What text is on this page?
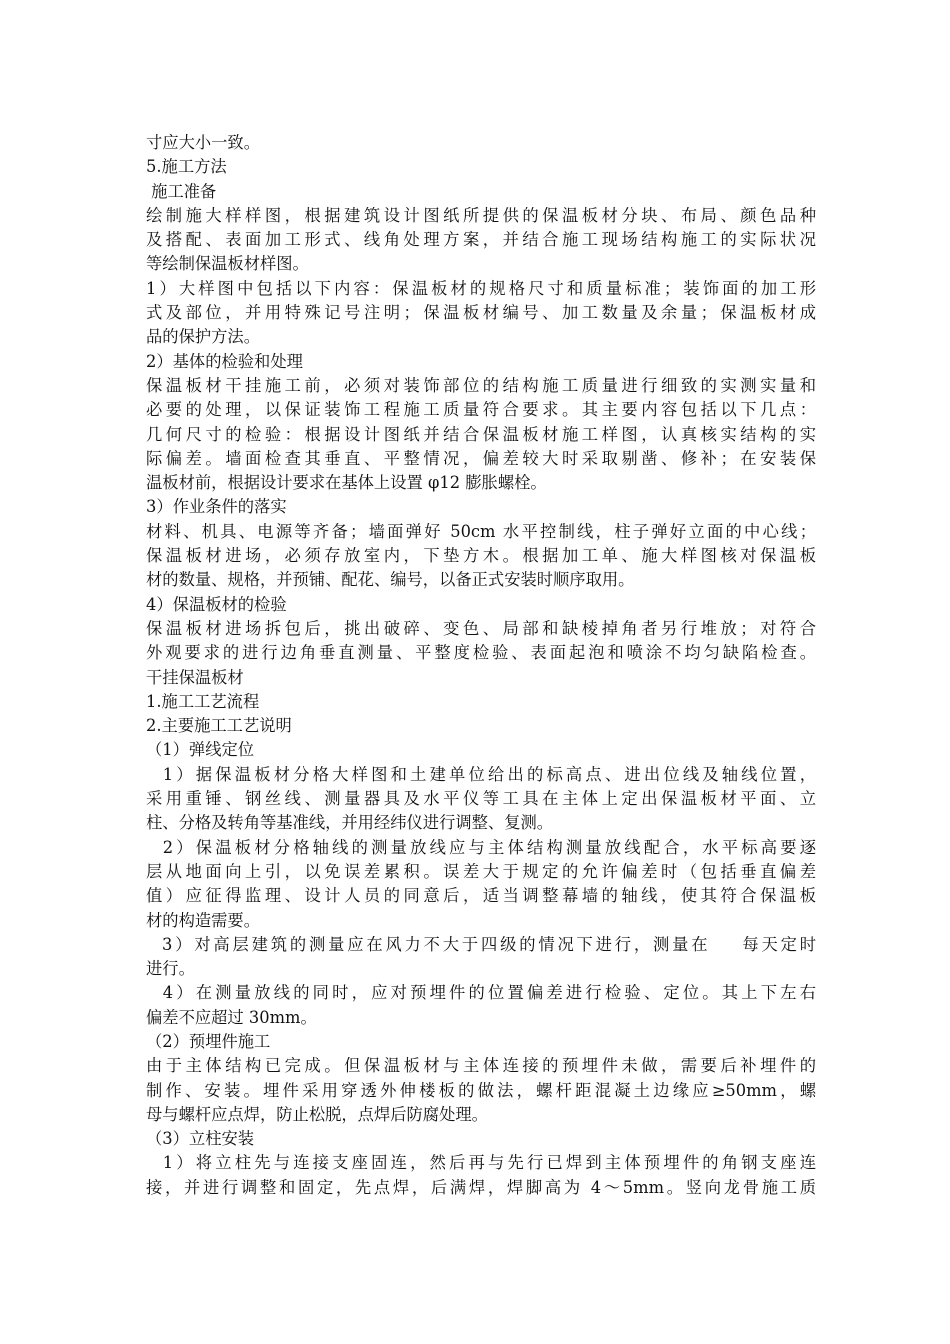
寸应大小一致。
5.施工方法
施工准备
绘制施大样样图，根据建筑设计图纸所提供的保温板材分块、布局、颜色品种
及搭配、表面加工形式、线角处理方案，并结合施工现场结构施工的实际状况
等绘制保温板材样图。
1）大样图中包括以下内容：保温板材的规格尺寸和质量标准；装饰面的加工形
式及部位，并用特殊记号注明；保温板材编号、加工数量及余量；保温板材成
品的保护方法。
2）基体的检验和处理
保温板材干挂施工前，必须对装饰部位的结构施工质量进行细致的实测实量和
必要的处理，以保证装饰工程施工质量符合要求。其主要内容包括以下几点：
几何尺寸的检验：根据设计图纸并结合保温板材施工样图，认真核实结构的实
际偏差。墙面检查其垂直、平整情况，偏差较大时采取剔凿、修补；在安装保
温板材前，根据设计要求在基体上设置 φ12 膨胀螺栓。
3）作业条件的落实
材料、机具、电源等齐备；墙面弹好 50cm 水平控制线，柱子弹好立面的中心线；
保温板材进场，必须存放室内，下垫方木。根据加工单、施大样图核对保温板
材的数量、规格，并预铺、配花、编号，以备正式安装时顺序取用。
4）保温板材的检验
保温板材进场拆包后，挑出破碎、变色、局部和缺棱掉角者另行堆放；对符合
外观要求的进行边角垂直测量、平整度检验、表面起泡和喷涂不均匀缺陷检查。
干挂保温板材
1.施工工艺流程
2.主要施工工艺说明
（1）弹线定位
1）据保温板材分格大样图和土建单位给出的标高点、进出位线及轴线位置，
采用重锤、钢丝线、测量器具及水平仪等工具在主体上定出保温板材平面、立
柱、分格及转角等基准线，并用经纬仪进行调整、复测。
2）保温板材分格轴线的测量放线应与主体结构测量放线配合，水平标高要逐
层从地面向上引，以免误差累积。误差大于规定的允许偏差时（包括垂直偏差
值）应征得监理、设计人员的同意后，适当调整幕墙的轴线，使其符合保温板
材的构造需要。
3）对高层建筑的测量应在风力不大于四级的情况下进行，测量在    每天定时
进行。
4）在测量放线的同时，应对预埋件的位置偏差进行检验、定位。其上下左右
偏差不应超过 30mm。
（2）预埋件施工
由于主体结构已完成。但保温板材与主体连接的预埋件未做，需要后补埋件的
制作、安装。埋件采用穿透外伸楼板的做法，螺杆距混凝土边缘应≥50mm，螺
母与螺杆应点焊，防止松脱，点焊后防腐处理。
（3）立柱安装
1）将立柱先与连接支座固连，然后再与先行已焊到主体预埋件的角钢支座连
接，并进行调整和固定，先点焊，后满焊，焊脚高为 4～5mm。竖向龙骨施工质
